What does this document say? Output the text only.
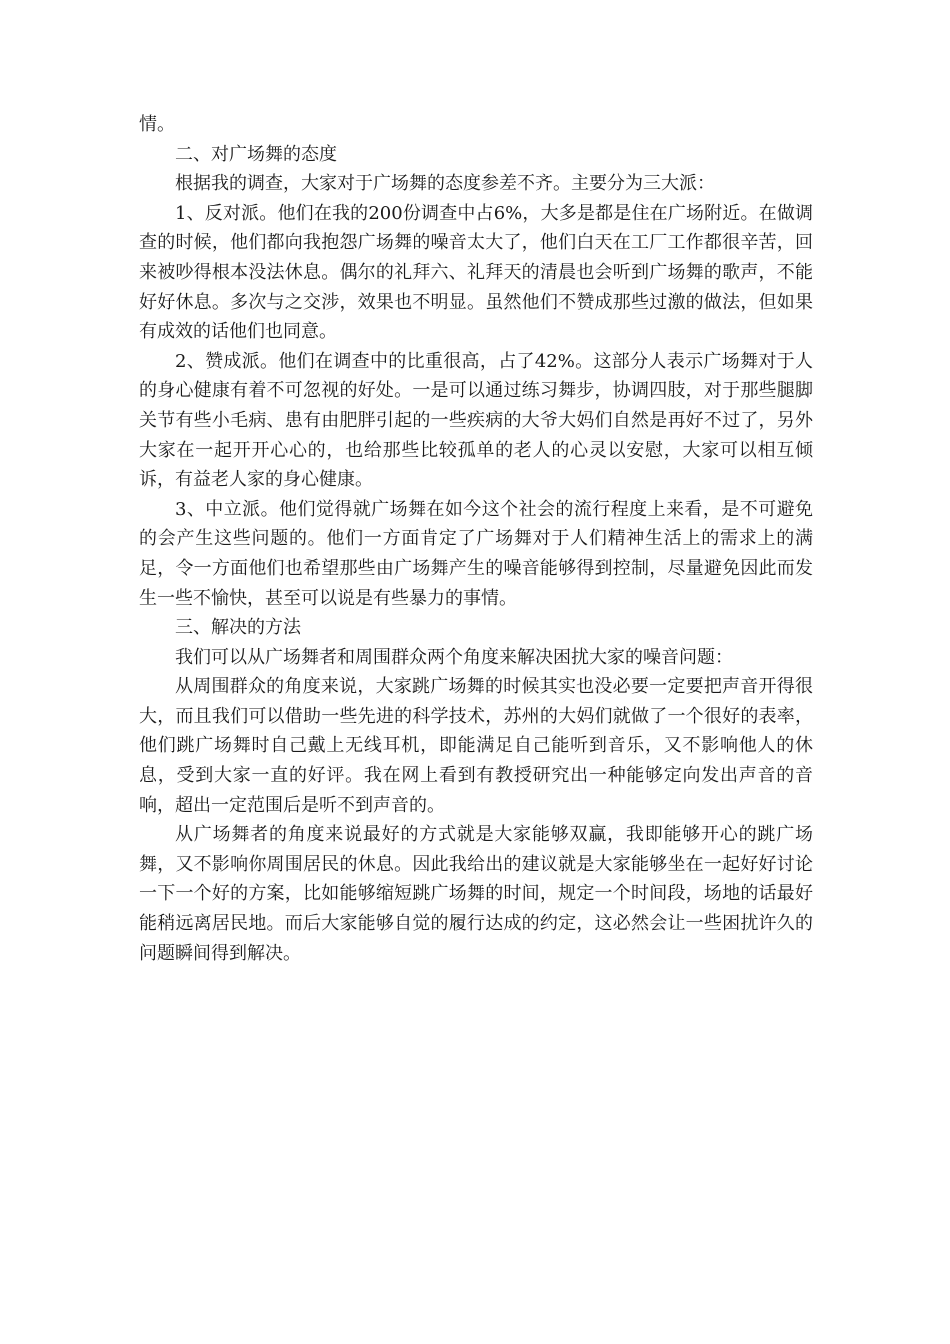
情。

二、对广场舞的态度

根据我的调查，大家对于广场舞的态度参差不齐。主要分为三大派：

1、反对派。他们在我的200份调查中占6%，大多是都是住在广场附近。在做调查的时候，他们都向我抱怨广场舞的噪音太大了，他们白天在工厂工作都很辛苦，回来被吵得根本没法休息。偶尔的礼拜六、礼拜天的清晨也会听到广场舞的歌声，不能好好休息。多次与之交涉，效果也不明显。虽然他们不赞成那些过激的做法，但如果有成效的话他们也同意。

2、赞成派。他们在调查中的比重很高，占了42%。这部分人表示广场舞对于人的身心健康有着不可忽视的好处。一是可以通过练习舞步，协调四肢，对于那些腿脚关节有些小毛病、患有由肥胖引起的一些疾病的大爷大妈们自然是再好不过了，另外大家在一起开开心心的，也给那些比较孤单的老人的心灵以安慰，大家可以相互倾诉，有益老人家的身心健康。

3、中立派。他们觉得就广场舞在如今这个社会的流行程度上来看，是不可避免的会产生这些问题的。他们一方面肯定了广场舞对于人们精神生活上的需求上的满足，令一方面他们也希望那些由广场舞产生的噪音能够得到控制，尽量避免因此而发生一些不愉快，甚至可以说是有些暴力的事情。

三、解决的方法

我们可以从广场舞者和周围群众两个角度来解决困扰大家的噪音问题：

从周围群众的角度来说，大家跳广场舞的时候其实也没必要一定要把声音开得很大，而且我们可以借助一些先进的科学技术，苏州的大妈们就做了一个很好的表率，他们跳广场舞时自己戴上无线耳机，即能满足自己能听到音乐，又不影响他人的休息，受到大家一直的好评。我在网上看到有教授研究出一种能够定向发出声音的音响，超出一定范围后是听不到声音的。

从广场舞者的角度来说最好的方式就是大家能够双赢，我即能够开心的跳广场舞，又不影响你周围居民的休息。因此我给出的建议就是大家能够坐在一起好好讨论一下一个好的方案，比如能够缩短跳广场舞的时间，规定一个时间段，场地的话最好能稍远离居民地。而后大家能够自觉的履行达成的约定，这必然会让一些困扰许久的问题瞬间得到解决。
